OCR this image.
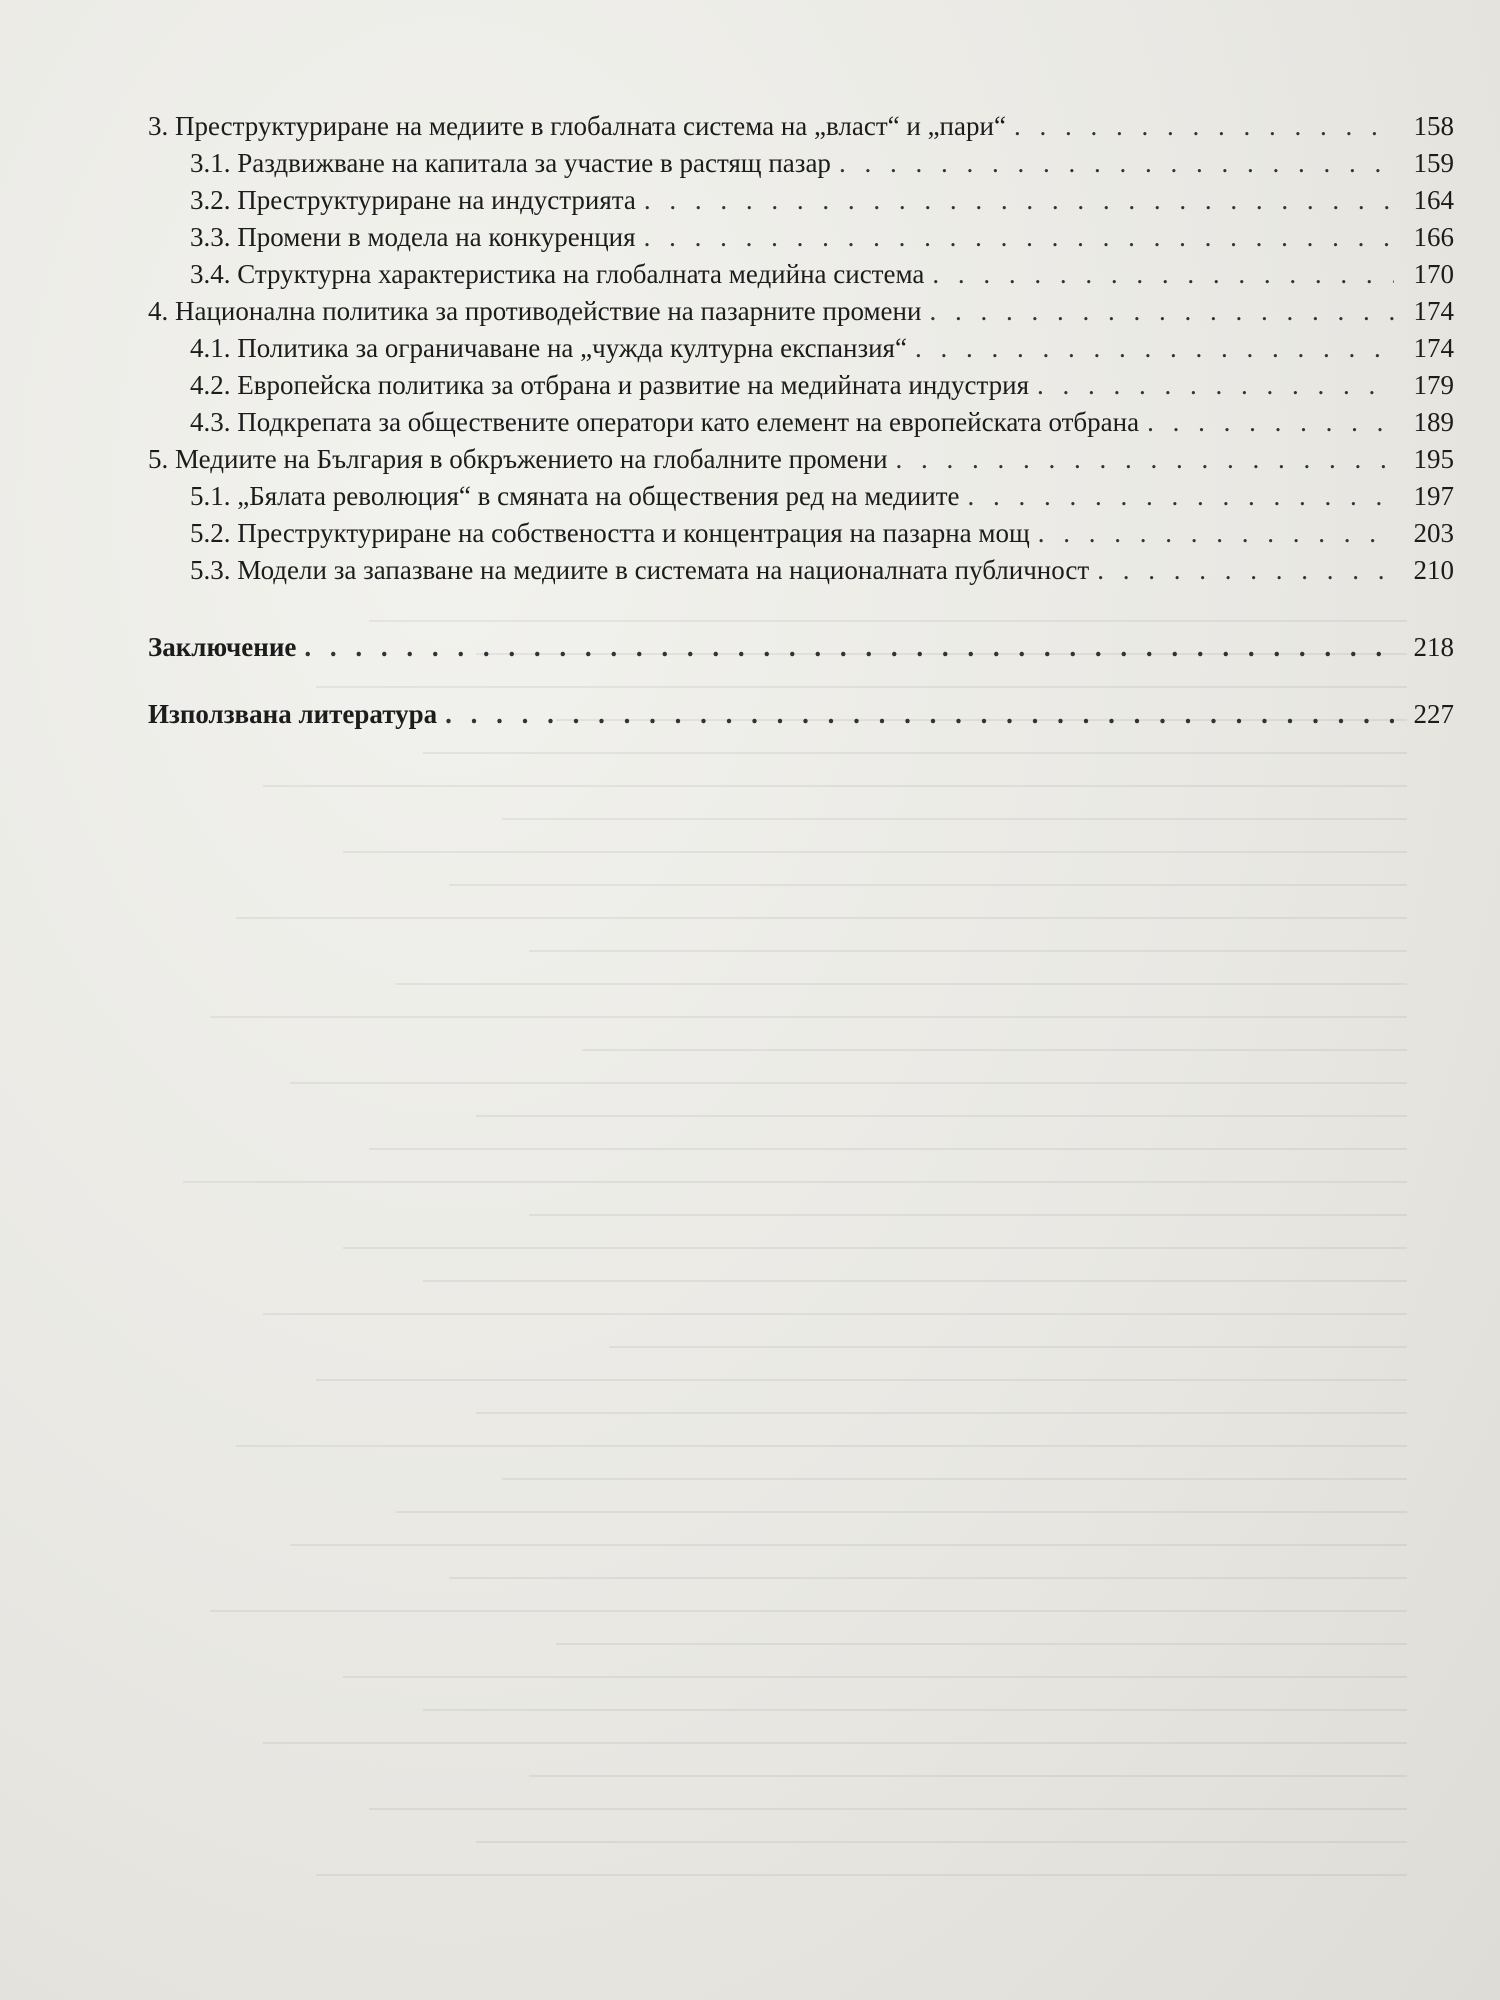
3. Преструктуриране на медиите в глобалната система на „власт“ и „пари“ . . .	158
3.1. Раздвижване на капитала за участие в растящ пазар . . .	159
3.2. Преструктуриране на индустрията . . .	164
3.3. Промени в модела на конкуренция . . .	166
3.4. Структурна характеристика на глобалната медийна система . . .	170
4. Национална политика за противодействие на пазарните промени . . .	174
4.1. Политика за ограничаване на „чужда културна експанзия“ . . .	174
4.2. Европейска политика за отбрана и развитие на медийната индустрия . . .	179
4.3. Подкрепата за обществените оператори като елемент на европейската отбрана . . .	189
5. Медиите на България в обкръжението на глобалните промени . . .	195
5.1. „Бялата революция“ в смяната на обществения ред на медиите . . .	197
5.2. Преструктуриране на собствеността и концентрация на пазарна мощ . . .	203
5.3. Модели за запазване на медиите в системата на националната публичност . . .	210
Заключение . . .	218
Използвана литература . . .	227
